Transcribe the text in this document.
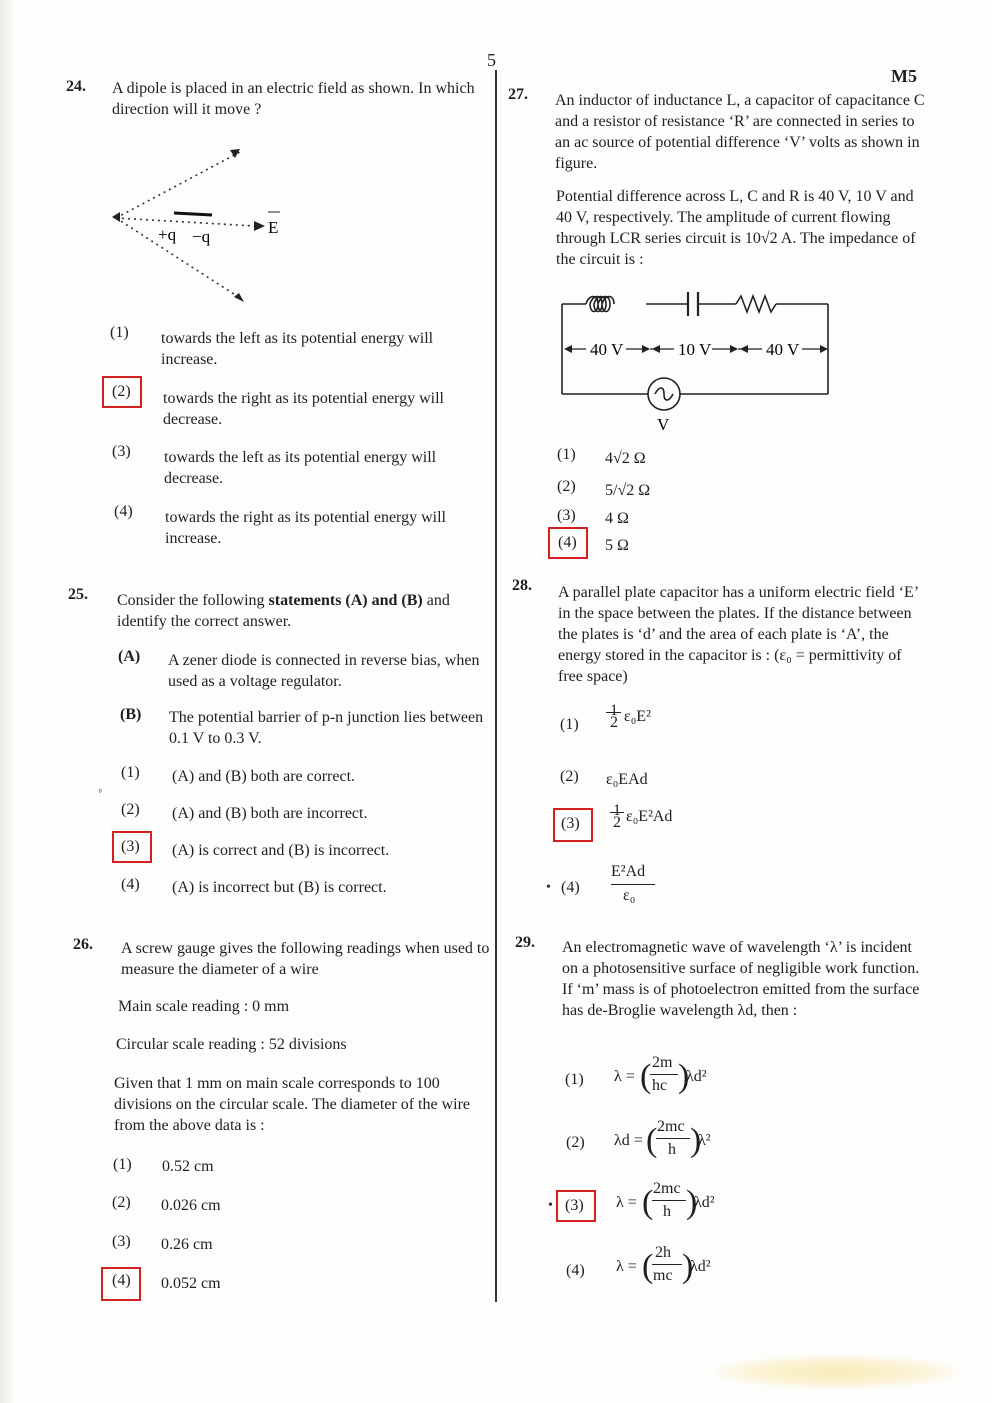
5
M5
24. A dipole is placed in an electric field as shown. In which direction will it move ?
+q −q	E
(1) towards the left as its potential energy will increase.
(2) towards the right as its potential energy will decrease.
(3) towards the left as its potential energy will decrease.
(4) towards the right as its potential energy will increase.
25. Consider the following statements (A) and (B) and identify the correct answer.
(A) A zener diode is connected in reverse bias, when used as a voltage regulator.
(B) The potential barrier of p-n junction lies between 0.1 V to 0.3 V.
ﾟ
(1) (A) and (B) both are correct.
(2) (A) and (B) both are incorrect.
(3) (A) is correct and (B) is incorrect.
(4) (A) is incorrect but (B) is correct.
26. A screw gauge gives the following readings when used to measure the diameter of a wire
Main scale reading : 0 mm
Circular scale reading : 52 divisions
Given that 1 mm on main scale corresponds to 100 divisions on the circular scale. The diameter of the wire from the above data is :
(1) 0.52 cm
(2) 0.026 cm
(3) 0.26 cm
(4) 0.052 cm
27. An inductor of inductance L, a capacitor of capacitance C and a resistor of resistance ‘R’ are connected in series to an ac source of potential difference ‘V’ volts as shown in figure.
Potential difference across L, C and R is 40 V, 10 V and 40 V, respectively. The amplitude of current flowing through LCR series circuit is 10√2 A. The impedance of the circuit is :
40 V	10 V	40 V
V
(1) 4√2 Ω
(2) 5/√2 Ω
(3) 4 Ω
(4) 5 Ω
28. A parallel plate capacitor has a uniform electric field ‘E’ in the space between the plates. If the distance between the plates is ‘d’ and the area of each plate is ‘A’, the energy stored in the capacitor is : (ε₀ = permittivity of free space)
(1)
1
2 ε₀E²
(2) ε₀EAd
(3)
1
2 ε₀E²Ad
• (4)
E²Ad
ε₀
29. An electromagnetic wave of wavelength ‘λ’ is incident on a photosensitive surface of negligible work function. If ‘m’ mass is of photoelectron emitted from the surface has de-Broglie wavelength λd, then :
(1) λ = ( 2m
hc )
λd²
(2) λd = ( 2mc
h )
λ²
• (3) λ = ( 2mc
h )
λd²
(4) λ = ( 2h
mc )
λd²
